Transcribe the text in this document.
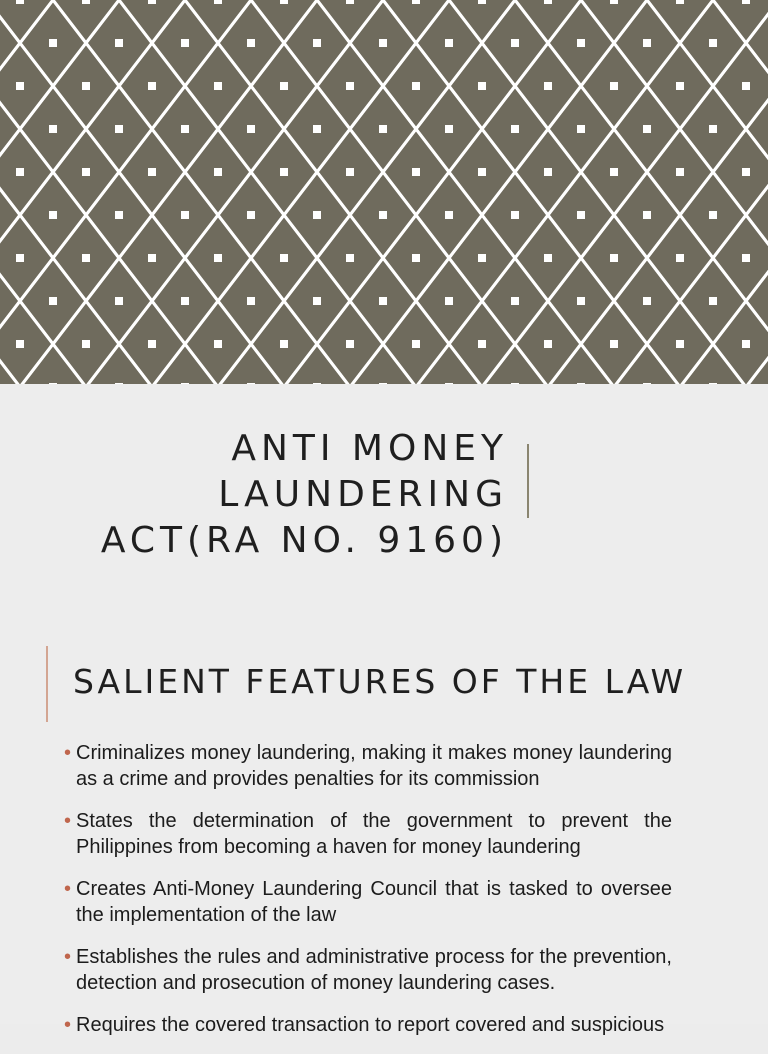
ANTI MONEY LAUNDERING
ACT(RA NO. 9160)
SALIENT FEATURES OF THE LAW
• Criminalizes money laundering, making it makes money laundering as a crime and provides penalties for its commission
• States the determination of the government to prevent the Philippines from becoming a haven for money laundering
• Creates Anti-Money Laundering Council that is tasked to oversee the implementation of the law
• Establishes the rules and administrative process for the prevention, detection and prosecution of money laundering cases.
• Requires the covered transaction to report covered and suspicious
